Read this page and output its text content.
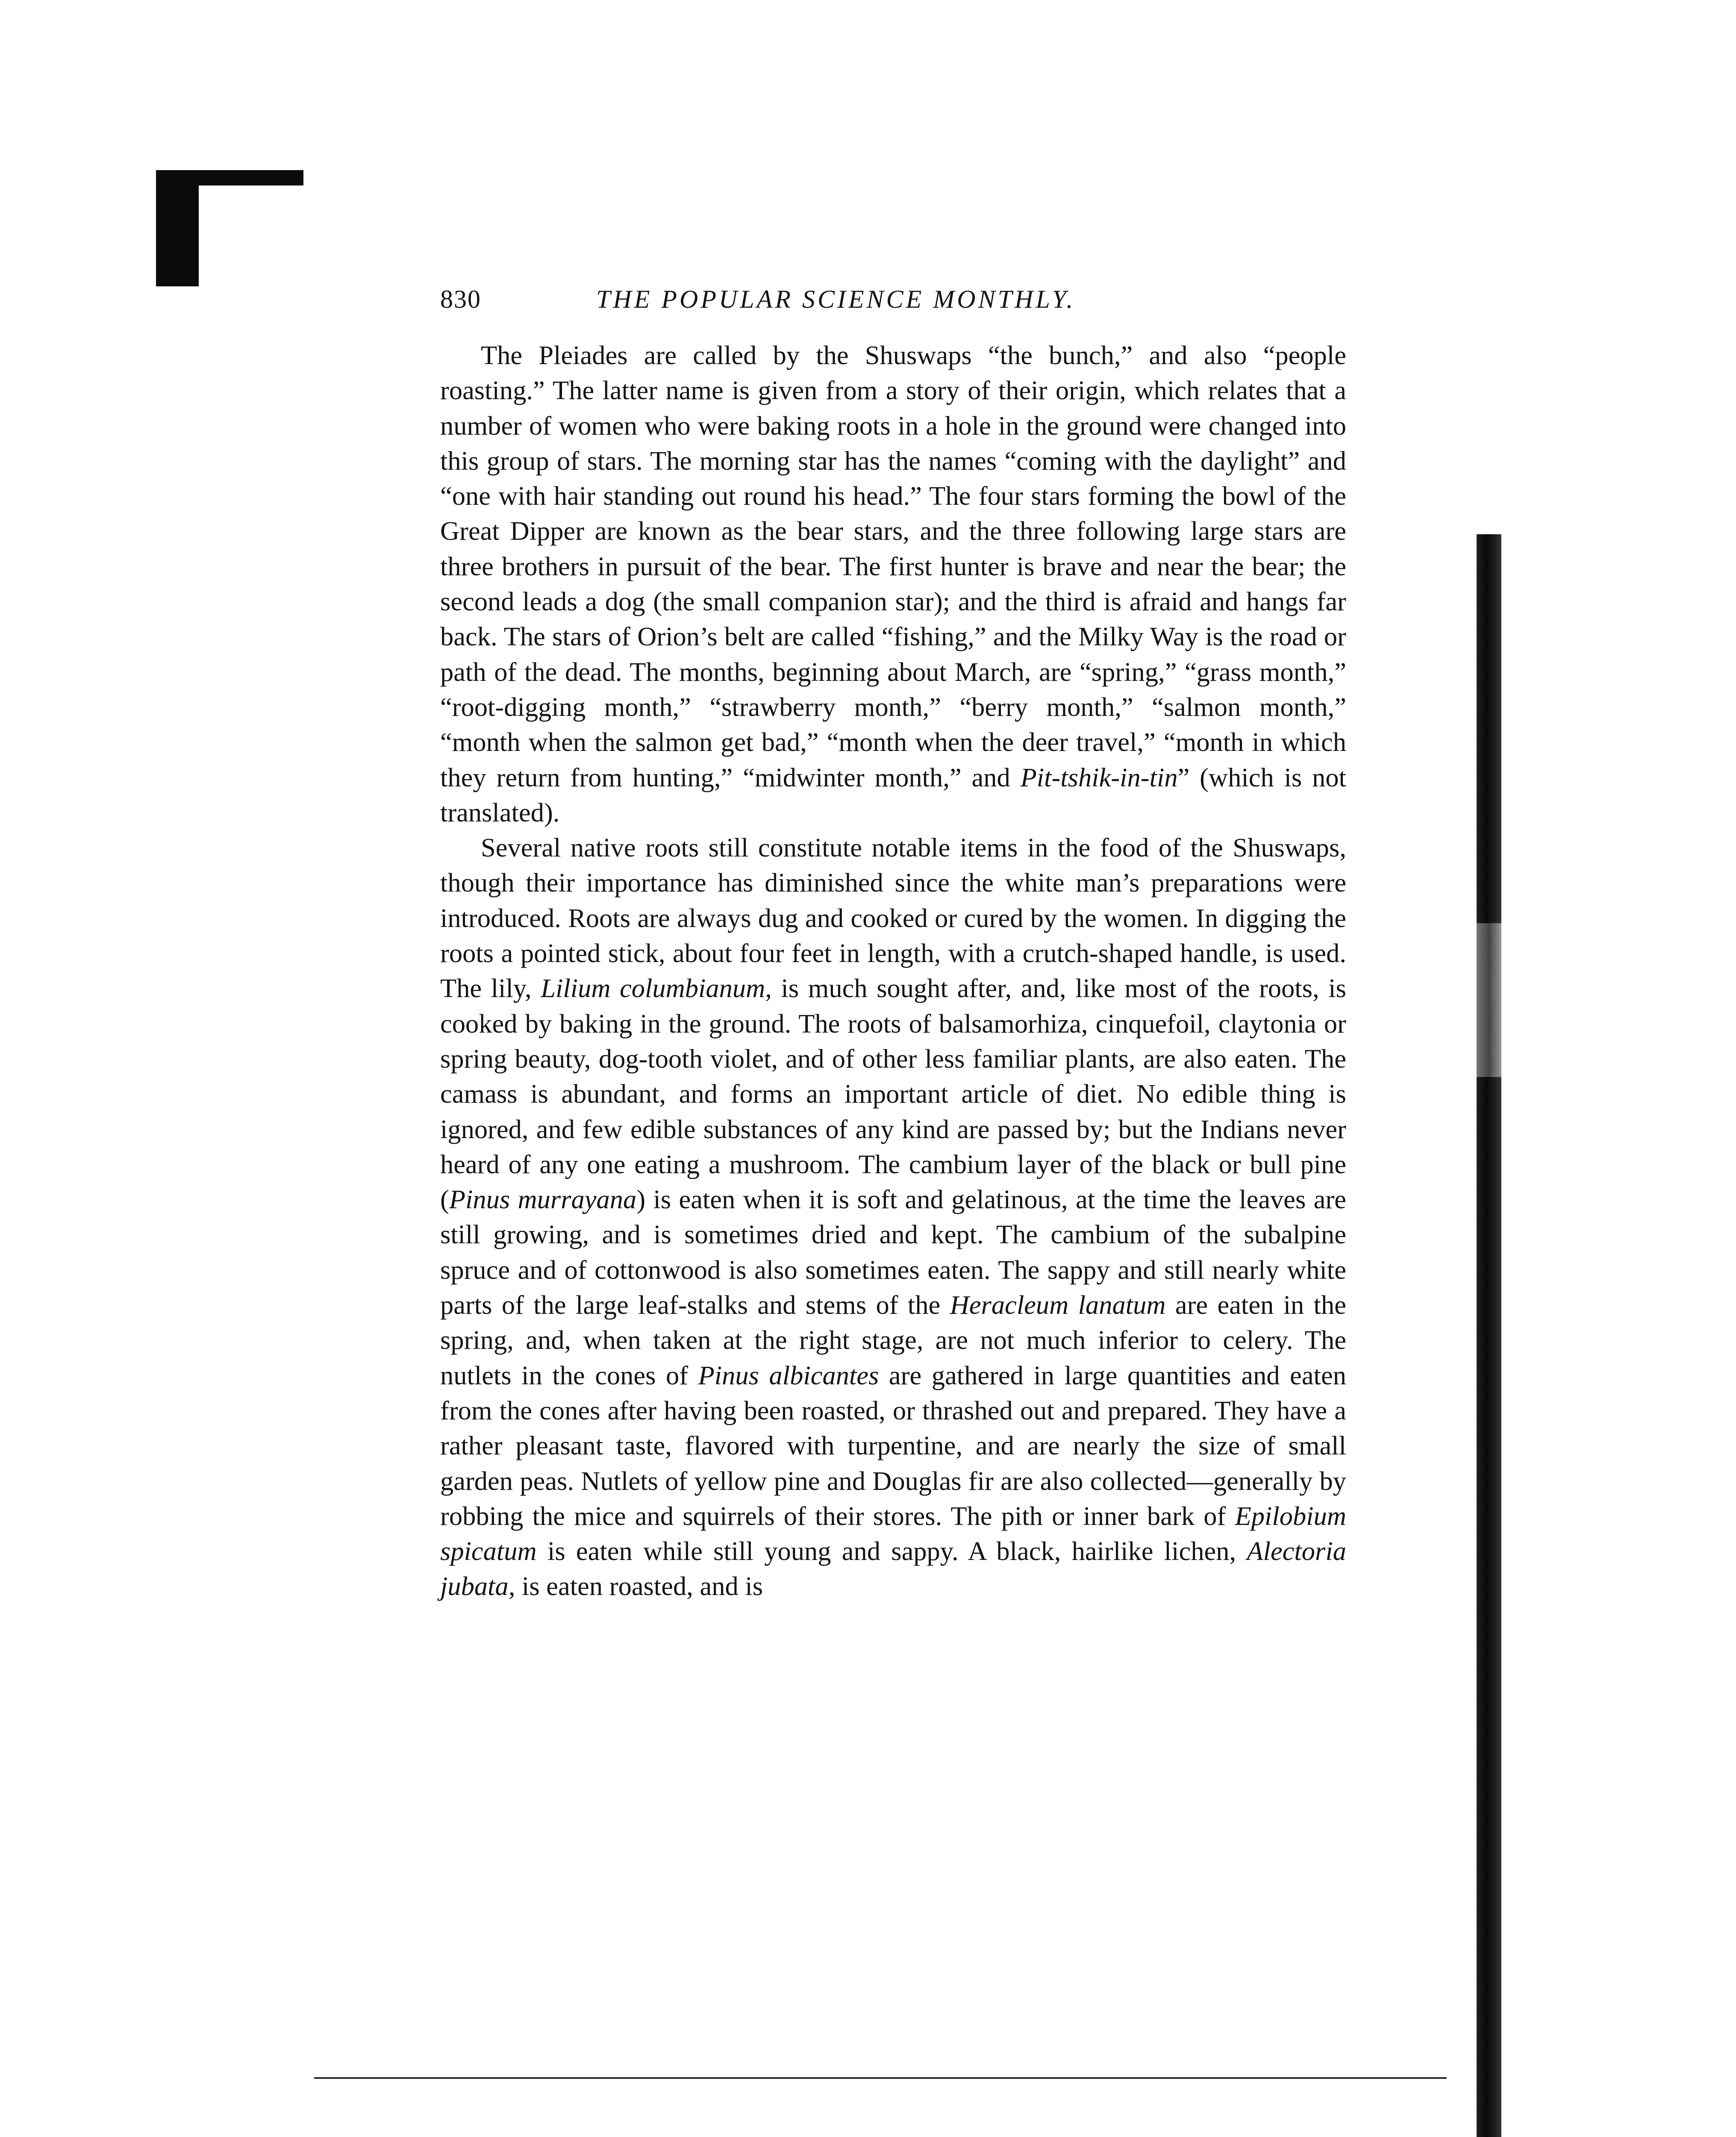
830	THE POPULAR SCIENCE MONTHLY.

The Pleiades are called by the Shuswaps “the bunch,” and also “people roasting.” The latter name is given from a story of their origin, which relates that a number of women who were baking roots in a hole in the ground were changed into this group of stars. The morning star has the names “coming with the daylight” and “one with hair standing out round his head.” The four stars forming the bowl of the Great Dipper are known as the bear stars, and the three following large stars are three brothers in pursuit of the bear. The first hunter is brave and near the bear; the second leads a dog (the small companion star); and the third is afraid and hangs far back. The stars of Orion’s belt are called “fishing,” and the Milky Way is the road or path of the dead. The months, beginning about March, are “spring,” “grass month,” “root-digging month,” “strawberry month,” “berry month,” “salmon month,” “month when the salmon get bad,” “month when the deer travel,” “month in which they return from hunting,” “midwinter month,” and Pit-tshik-in-tin” (which is not translated).

Several native roots still constitute notable items in the food of the Shuswaps, though their importance has diminished since the white man’s preparations were introduced. Roots are always dug and cooked or cured by the women. In digging the roots a pointed stick, about four feet in length, with a crutch-shaped handle, is used. The lily, Lilium columbianum, is much sought after, and, like most of the roots, is cooked by baking in the ground. The roots of balsamorhiza, cinquefoil, claytonia or spring beauty, dog-tooth violet, and of other less familiar plants, are also eaten. The camass is abundant, and forms an important article of diet. No edible thing is ignored, and few edible substances of any kind are passed by; but the Indians never heard of any one eating a mushroom. The cambium layer of the black or bull pine (Pinus murrayana) is eaten when it is soft and gelatinous, at the time the leaves are still growing, and is sometimes dried and kept. The cambium of the subalpine spruce and of cottonwood is also sometimes eaten. The sappy and still nearly white parts of the large leaf-stalks and stems of the Heracleum lanatum are eaten in the spring, and, when taken at the right stage, are not much inferior to celery. The nutlets in the cones of Pinus albicantes are gathered in large quantities and eaten from the cones after having been roasted, or thrashed out and prepared. They have a rather pleasant taste, flavored with turpentine, and are nearly the size of small garden peas. Nutlets of yellow pine and Douglas fir are also collected—generally by robbing the mice and squirrels of their stores. The pith or inner bark of Epilobium spicatum is eaten while still young and sappy. A black, hairlike lichen, Alectoria jubata, is eaten roasted, and is
